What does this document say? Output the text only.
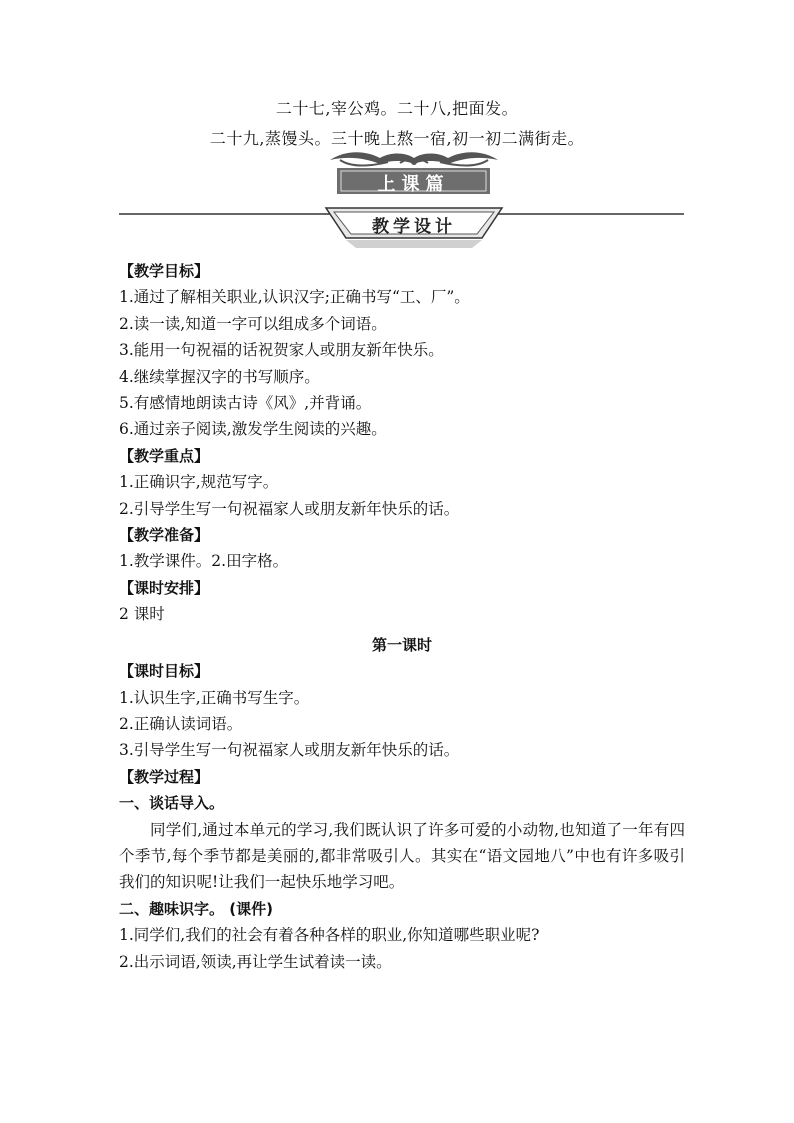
二十七,宰公鸡。二十八,把面发。
二十九,蒸馒头。三十晚上熬一宿,初一初二满街走。
上课篇
教学设计

【教学目标】

1.通过了解相关职业,认识汉字;正确书写“工、厂”。

2.读一读,知道一字可以组成多个词语。

3.能用一句祝福的话祝贺家人或朋友新年快乐。

4.继续掌握汉字的书写顺序。

5.有感情地朗读古诗《风》,并背诵。

6.通过亲子阅读,激发学生阅读的兴趣。

【教学重点】

1.正确识字,规范写字。

2.引导学生写一句祝福家人或朋友新年快乐的话。

【教学准备】

1.教学课件。2.田字格。

【课时安排】

2 课时

第一课时

【课时目标】

1.认识生字,正确书写生字。

2.正确认读词语。

3.引导学生写一句祝福家人或朋友新年快乐的话。

【教学过程】

一、谈话导入。

同学们,通过本单元的学习,我们既认识了许多可爱的小动物,也知道了一年有四个季节,每个季节都是美丽的,都非常吸引人。其实在“语文园地八”中也有许多吸引我们的知识呢!让我们一起快乐地学习吧。

二、趣味识字。 (课件)

1.同学们,我们的社会有着各种各样的职业,你知道哪些职业呢?

2.出示词语,领读,再让学生试着读一读。
